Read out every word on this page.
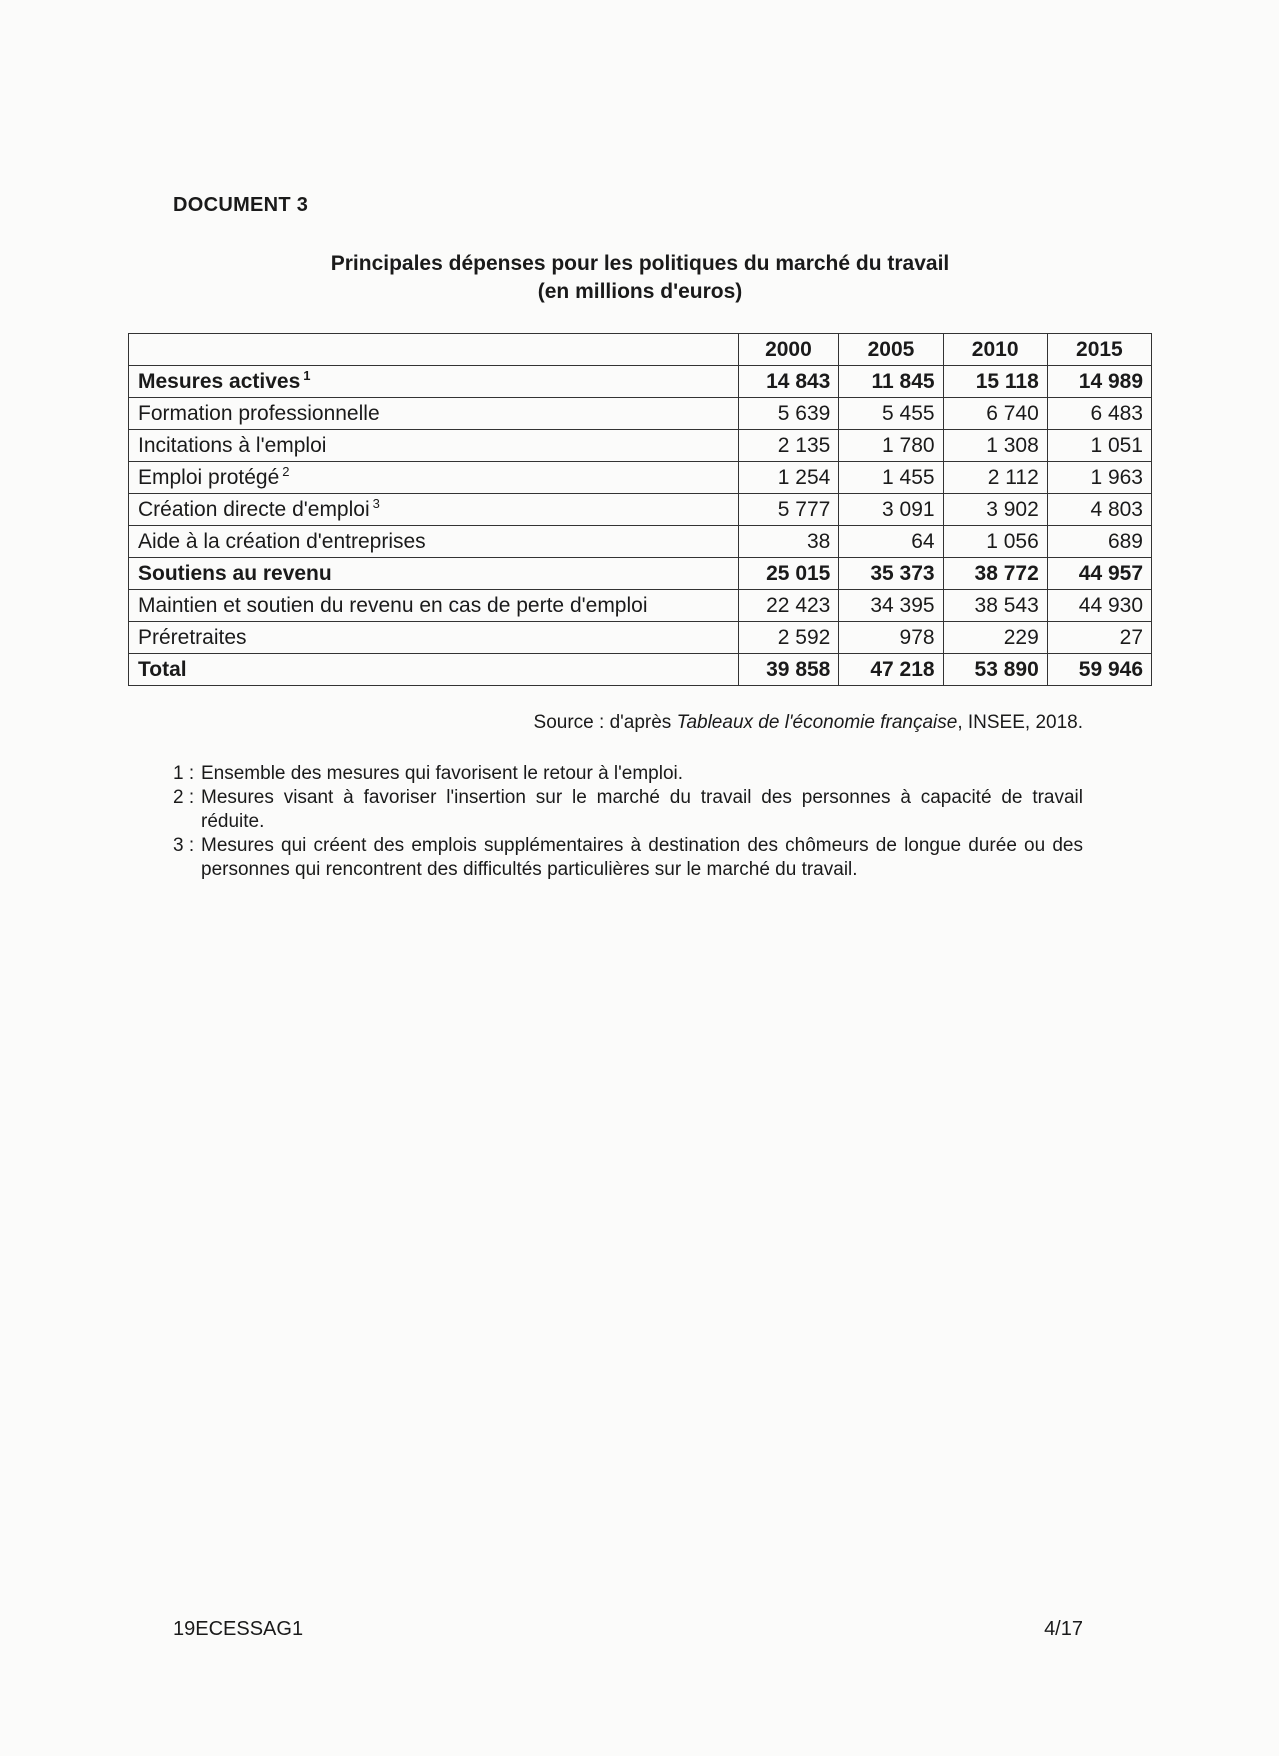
DOCUMENT 3
Principales dépenses pour les politiques du marché du travail
(en millions d'euros)
	2000	2005	2010	2015
Mesures actives $^1$	14 843	11 845	15 118	14 989
Formation professionnelle	5 639	5 455	6 740	6 483
Incitations à l'emploi	2 135	1 780	1 308	1 051
Emploi protégé $^2$	1 254	1 455	2 112	1 963
Création directe d'emploi $^3$	5 777	3 091	3 902	4 803
Aide à la création d'entreprises	38	64	1 056	689
Soutiens au revenu	25 015	35 373	38 772	44 957
Maintien et soutien du revenu en cas de perte d'emploi	22 423	34 395	38 543	44 930
Préretraites	2 592	978	229	27
Total	39 858	47 218	53 890	59 946
Source : d'après Tableaux de l'économie française, INSEE, 2018.
1 : Ensemble des mesures qui favorisent le retour à l'emploi.
2 : Mesures visant à favoriser l'insertion sur le marché du travail des personnes à capacité de travail réduite.
3 : Mesures qui créent des emplois supplémentaires à destination des chômeurs de longue durée ou des personnes qui rencontrent des difficultés particulières sur le marché du travail.
19ECESSAG1	4/17
